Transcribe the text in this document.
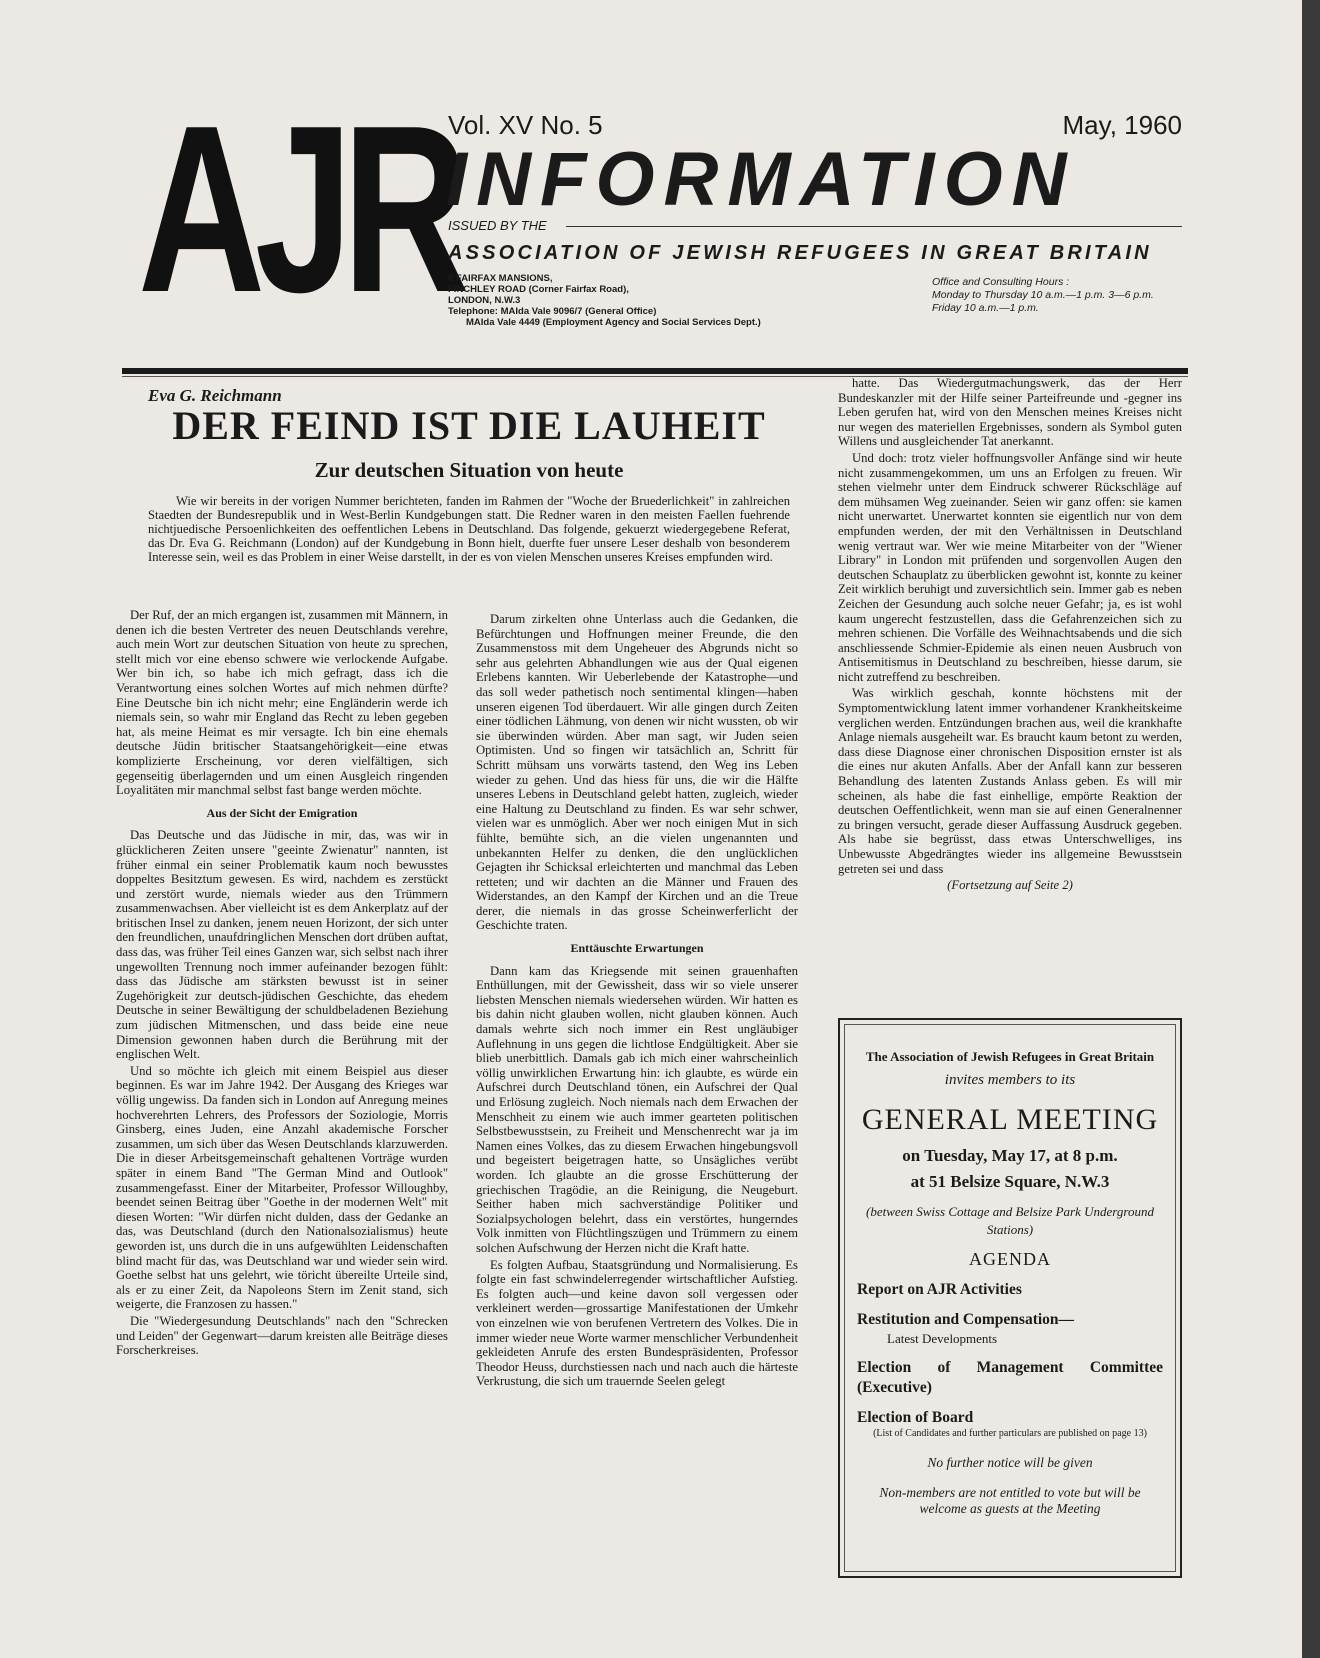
AJR
Vol. XV No. 5	May, 1960
INFORMATION
ISSUED BY THE
ASSOCIATION OF JEWISH REFUGEES IN GREAT BRITAIN
8 FAIRFAX MANSIONS,
FINCHLEY ROAD (Corner Fairfax Road),
LONDON, N.W.3
Telephone: MAIda Vale 9096/7 (General Office)
MAIda Vale 4449 (Employment Agency and Social Services Dept.)
Office and Consulting Hours :
Monday to Thursday 10 a.m.—1 p.m. 3—6 p.m.
Friday 10 a.m.—1 p.m.
Eva G. Reichmann
DER FEIND IST DIE LAUHEIT
Zur deutschen Situation von heute
Wie wir bereits in der vorigen Nummer berichteten, fanden im Rahmen der "Woche der Bruederlichkeit" in zahlreichen Staedten der Bundesrepublik und in West-Berlin Kundgebungen statt. Die Redner waren in den meisten Faellen fuehrende nichtjuedische Persoenlichkeiten des oeffentlichen Lebens in Deutschland. Das folgende, gekuerzt wiedergegebene Referat, das Dr. Eva G. Reichmann (London) auf der Kundgebung in Bonn hielt, duerfte fuer unsere Leser deshalb von besonderem Interesse sein, weil es das Problem in einer Weise darstellt, in der es von vielen Menschen unseres Kreises empfunden wird.

Der Ruf, der an mich ergangen ist, zusammen mit Männern, in denen ich die besten Vertreter des neuen Deutschlands verehre, auch mein Wort zur deutschen Situation von heute zu sprechen, stellt mich vor eine ebenso schwere wie verlockende Aufgabe. Wer bin ich, so habe ich mich gefragt, dass ich die Verantwortung eines solchen Wortes auf mich nehmen dürfte? Eine Deutsche bin ich nicht mehr; eine Engländerin werde ich niemals sein, so wahr mir England das Recht zu leben gegeben hat, als meine Heimat es mir versagte. Ich bin eine ehemals deutsche Jüdin britischer Staatsangehörigkeit—eine etwas komplizierte Erscheinung, vor deren vielfältigen, sich gegenseitig überlagernden und um einen Ausgleich ringenden Loyalitäten mir manchmal selbst fast bange werden möchte.

Aus der Sicht der Emigration

Das Deutsche und das Jüdische in mir, das, was wir in glücklicheren Zeiten unsere "geeinte Zwienatur" nannten, ist früher einmal ein seiner Problematik kaum noch bewusstes doppeltes Besitztum gewesen. Es wird, nachdem es zerstückt und zerstört wurde, niemals wieder aus den Trümmern zusammenwachsen. Aber vielleicht ist es dem Ankerplatz auf der britischen Insel zu danken, jenem neuen Horizont, der sich unter den freundlichen, unaufdringlichen Menschen dort drüben auftat, dass das, was früher Teil eines Ganzen war, sich selbst nach ihrer ungewollten Trennung noch immer aufeinander bezogen fühlt: dass das Jüdische am stärksten bewusst ist in seiner Zugehörigkeit zur deutsch-jüdischen Geschichte, das ehedem Deutsche in seiner Bewältigung der schuldbeladenen Beziehung zum jüdischen Mitmenschen, und dass beide eine neue Dimension gewonnen haben durch die Berührung mit der englischen Welt.

Und so möchte ich gleich mit einem Beispiel aus dieser beginnen. Es war im Jahre 1942. Der Ausgang des Krieges war völlig ungewiss. Da fanden sich in London auf Anregung meines hochverehrten Lehrers, des Professors der Soziologie, Morris Ginsberg, eines Juden, eine Anzahl akademische Forscher zusammen, um sich über das Wesen Deutschlands klarzuwerden. Die in dieser Arbeitsgemeinschaft gehaltenen Vorträge wurden später in einem Band "The German Mind and Outlook" zusammengefasst. Einer der Mitarbeiter, Professor Willoughby, beendet seinen Beitrag über "Goethe in der modernen Welt" mit diesen Worten: "Wir dürfen nicht dulden, dass der Gedanke an das, was Deutschland (durch den Nationalsozialismus) heute geworden ist, uns durch die in uns aufgewühlten Leidenschaften blind macht für das, was Deutschland war und wieder sein wird. Goethe selbst hat uns gelehrt, wie töricht übereilte Urteile sind, als er zu einer Zeit, da Napoleons Stern im Zenit stand, sich weigerte, die Franzosen zu hassen."

Die "Wiedergesundung Deutschlands" nach den "Schrecken und Leiden" der Gegenwart—darum kreisten alle Beiträge dieses Forscherkreises.

Darum zirkelten ohne Unterlass auch die Gedanken, die Befürchtungen und Hoffnungen meiner Freunde, die den Zusammenstoss mit dem Ungeheuer des Abgrunds nicht so sehr aus gelehrten Abhandlungen wie aus der Qual eigenen Erlebens kannten. Wir Ueberlebende der Katastrophe—und das soll weder pathetisch noch sentimental klingen—haben unseren eigenen Tod überdauert. Wir alle gingen durch Zeiten einer tödlichen Lähmung, von denen wir nicht wussten, ob wir sie überwinden würden. Aber man sagt, wir Juden seien Optimisten. Und so fingen wir tatsächlich an, Schritt für Schritt mühsam uns vorwärts tastend, den Weg ins Leben wieder zu gehen. Und das hiess für uns, die wir die Hälfte unseres Lebens in Deutschland gelebt hatten, zugleich, wieder eine Haltung zu Deutschland zu finden. Es war sehr schwer, vielen war es unmöglich. Aber wer noch einigen Mut in sich fühlte, bemühte sich, an die vielen ungenannten und unbekannten Helfer zu denken, die den unglücklichen Gejagten ihr Schicksal erleichterten und manchmal das Leben retteten; und wir dachten an die Männer und Frauen des Widerstandes, an den Kampf der Kirchen und an die Treue derer, die niemals in das grosse Scheinwerferlicht der Geschichte traten.

Enttäuschte Erwartungen

Dann kam das Kriegsende mit seinen grauenhaften Enthüllungen, mit der Gewissheit, dass wir so viele unserer liebsten Menschen niemals wiedersehen würden. Wir hatten es bis dahin nicht glauben wollen, nicht glauben können. Auch damals wehrte sich noch immer ein Rest ungläubiger Auflehnung in uns gegen die lichtlose Endgültigkeit. Aber sie blieb unerbittlich. Damals gab ich mich einer wahrscheinlich völlig unwirklichen Erwartung hin: ich glaubte, es würde ein Aufschrei durch Deutschland tönen, ein Aufschrei der Qual und Erlösung zugleich. Noch niemals nach dem Erwachen der Menschheit zu einem wie auch immer gearteten politischen Selbstbewusstsein, zu Freiheit und Menschenrecht war ja im Namen eines Volkes, das zu diesem Erwachen hingebungsvoll und begeistert beigetragen hatte, so Unsägliches verübt worden. Ich glaubte an die grosse Erschütterung der griechischen Tragödie, an die Reinigung, die Neugeburt. Seither haben mich sachverständige Politiker und Sozialpsychologen belehrt, dass ein verstörtes, hungerndes Volk inmitten von Flüchtlingszügen und Trümmern zu einem solchen Aufschwung der Herzen nicht die Kraft hatte.

Es folgten Aufbau, Staatsgründung und Normalisierung. Es folgte ein fast schwindelerregender wirtschaftlicher Aufstieg. Es folgten auch—und keine davon soll vergessen oder verkleinert werden—grossartige Manifestationen der Umkehr von einzelnen wie von berufenen Vertretern des Volkes. Die in immer wieder neue Worte warmer menschlicher Verbundenheit gekleideten Anrufe des ersten Bundespräsidenten, Professor Theodor Heuss, durchstiessen nach und nach auch die härteste Verkrustung, die sich um trauernde Seelen gelegt

hatte. Das Wiedergutmachungswerk, das der Herr Bundeskanzler mit der Hilfe seiner Parteifreunde und -gegner ins Leben gerufen hat, wird von den Menschen meines Kreises nicht nur wegen des materiellen Ergebnisses, sondern als Symbol guten Willens und ausgleichender Tat anerkannt.

Und doch: trotz vieler hoffnungsvoller Anfänge sind wir heute nicht zusammengekommen, um uns an Erfolgen zu freuen. Wir stehen vielmehr unter dem Eindruck schwerer Rückschläge auf dem mühsamen Weg zueinander. Seien wir ganz offen: sie kamen nicht unerwartet. Unerwartet konnten sie eigentlich nur von dem empfunden werden, der mit den Verhältnissen in Deutschland wenig vertraut war. Wer wie meine Mitarbeiter von der "Wiener Library" in London mit prüfenden und sorgenvollen Augen den deutschen Schauplatz zu überblicken gewohnt ist, konnte zu keiner Zeit wirklich beruhigt und zuversichtlich sein. Immer gab es neben Zeichen der Gesundung auch solche neuer Gefahr; ja, es ist wohl kaum ungerecht festzustellen, dass die Gefahrenzeichen sich zu mehren schienen. Die Vorfälle des Weihnachtsabends und die sich anschliessende Schmier-Epidemie als einen neuen Ausbruch von Antisemitismus in Deutschland zu beschreiben, hiesse darum, sie nicht zutreffend zu beschreiben.

Was wirklich geschah, konnte höchstens mit der Symptomentwicklung latent immer vorhandener Krankheitskeime verglichen werden. Entzündungen brachen aus, weil die krankhafte Anlage niemals ausgeheilt war. Es braucht kaum betont zu werden, dass diese Diagnose einer chronischen Disposition ernster ist als die eines nur akuten Anfalls. Aber der Anfall kann zur besseren Behandlung des latenten Zustands Anlass geben. Es will mir scheinen, als habe die fast einhellige, empörte Reaktion der deutschen Oeffentlichkeit, wenn man sie auf einen Generalnenner zu bringen versucht, gerade dieser Auffassung Ausdruck gegeben. Als habe sie begrüsst, dass etwas Unterschwelliges, ins Unbewusste Abgedrängtes wieder ins allgemeine Bewusstsein getreten sei und dass

(Fortsetzung auf Seite 2)
The Association of Jewish Refugees in Great Britain
invites members to its
GENERAL MEETING
on Tuesday, May 17, at 8 p.m.
at 51 Belsize Square, N.W.3
(between Swiss Cottage and Belsize Park Underground Stations)
AGENDA
Report on AJR Activities
Restitution and Compensation—
Latest Developments
Election of Management Committee (Executive)
Election of Board
(List of Candidates and further particulars are published on page 13)
No further notice will be given
Non-members are not entitled to vote but will be welcome as guests at the Meeting
